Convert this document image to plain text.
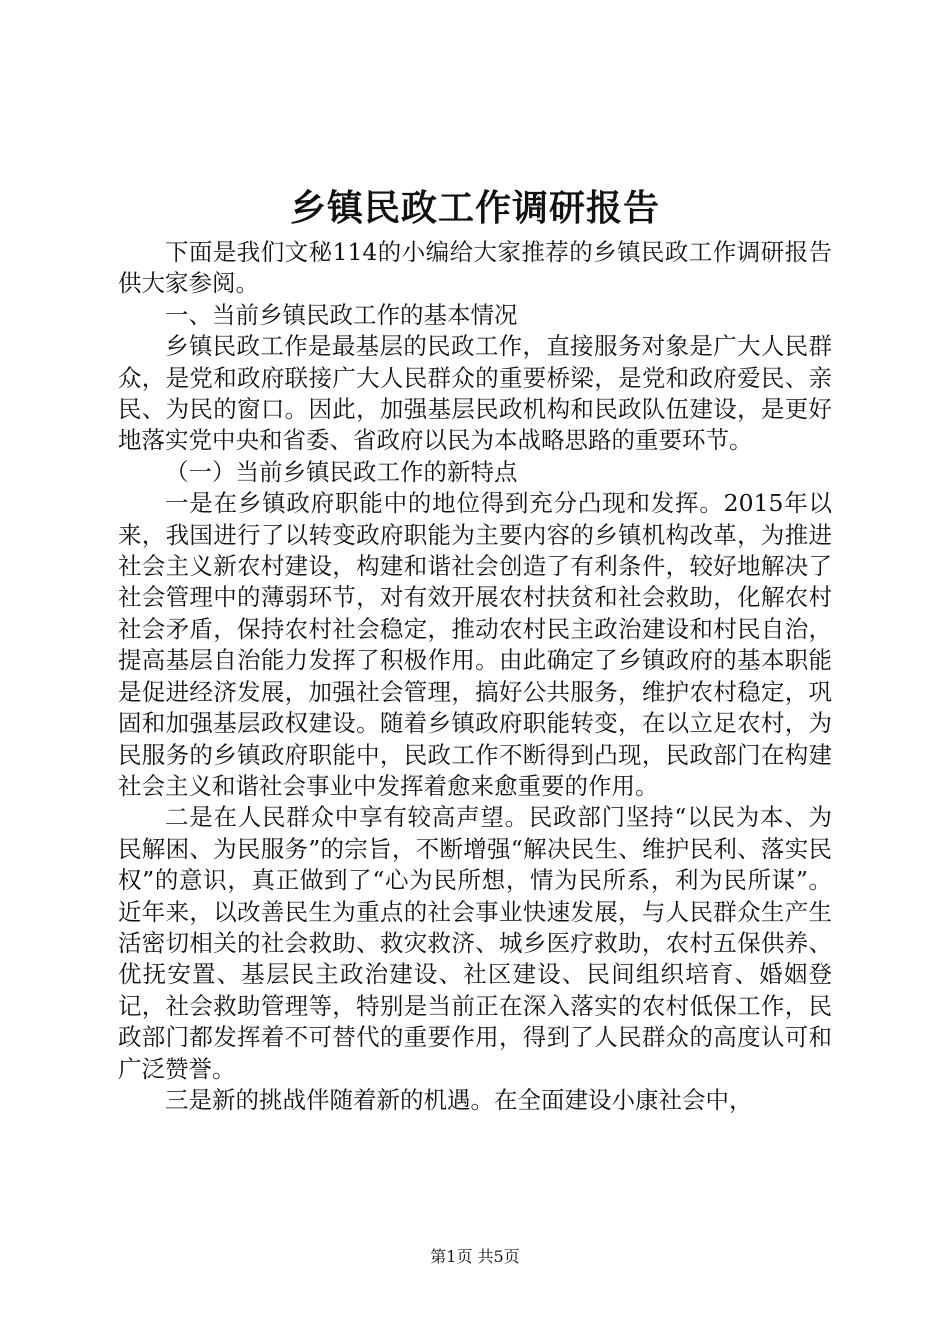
乡镇民政工作调研报告

下面是我们文秘114的小编给大家推荐的乡镇民政工作调研报告供大家参阅。

一、当前乡镇民政工作的基本情况

乡镇民政工作是最基层的民政工作，直接服务对象是广大人民群众，是党和政府联接广大人民群众的重要桥梁，是党和政府爱民、亲民、为民的窗口。因此，加强基层民政机构和民政队伍建设，是更好地落实党中央和省委、省政府以民为本战略思路的重要环节。

（一）当前乡镇民政工作的新特点

一是在乡镇政府职能中的地位得到充分凸现和发挥。2015年以来，我国进行了以转变政府职能为主要内容的乡镇机构改革，为推进社会主义新农村建设，构建和谐社会创造了有利条件，较好地解决了社会管理中的薄弱环节，对有效开展农村扶贫和社会救助，化解农村社会矛盾，保持农村社会稳定，推动农村民主政治建设和村民自治，提高基层自治能力发挥了积极作用。由此确定了乡镇政府的基本职能是促进经济发展，加强社会管理，搞好公共服务，维护农村稳定，巩固和加强基层政权建设。随着乡镇政府职能转变，在以立足农村，为民服务的乡镇政府职能中，民政工作不断得到凸现，民政部门在构建社会主义和谐社会事业中发挥着愈来愈重要的作用。

二是在人民群众中享有较高声望。民政部门坚持“以民为本、为民解困、为民服务”的宗旨，不断增强“解决民生、维护民利、落实民权”的意识，真正做到了“心为民所想，情为民所系，利为民所谋”。近年来，以改善民生为重点的社会事业快速发展，与人民群众生产生活密切相关的社会救助、救灾救济、城乡医疗救助，农村五保供养、优抚安置、基层民主政治建设、社区建设、民间组织培育、婚姻登记，社会救助管理等，特别是当前正在深入落实的农村低保工作，民政部门都发挥着不可替代的重要作用，得到了人民群众的高度认可和广泛赞誉。

三是新的挑战伴随着新的机遇。在全面建设小康社会中，

第1页 共5页
